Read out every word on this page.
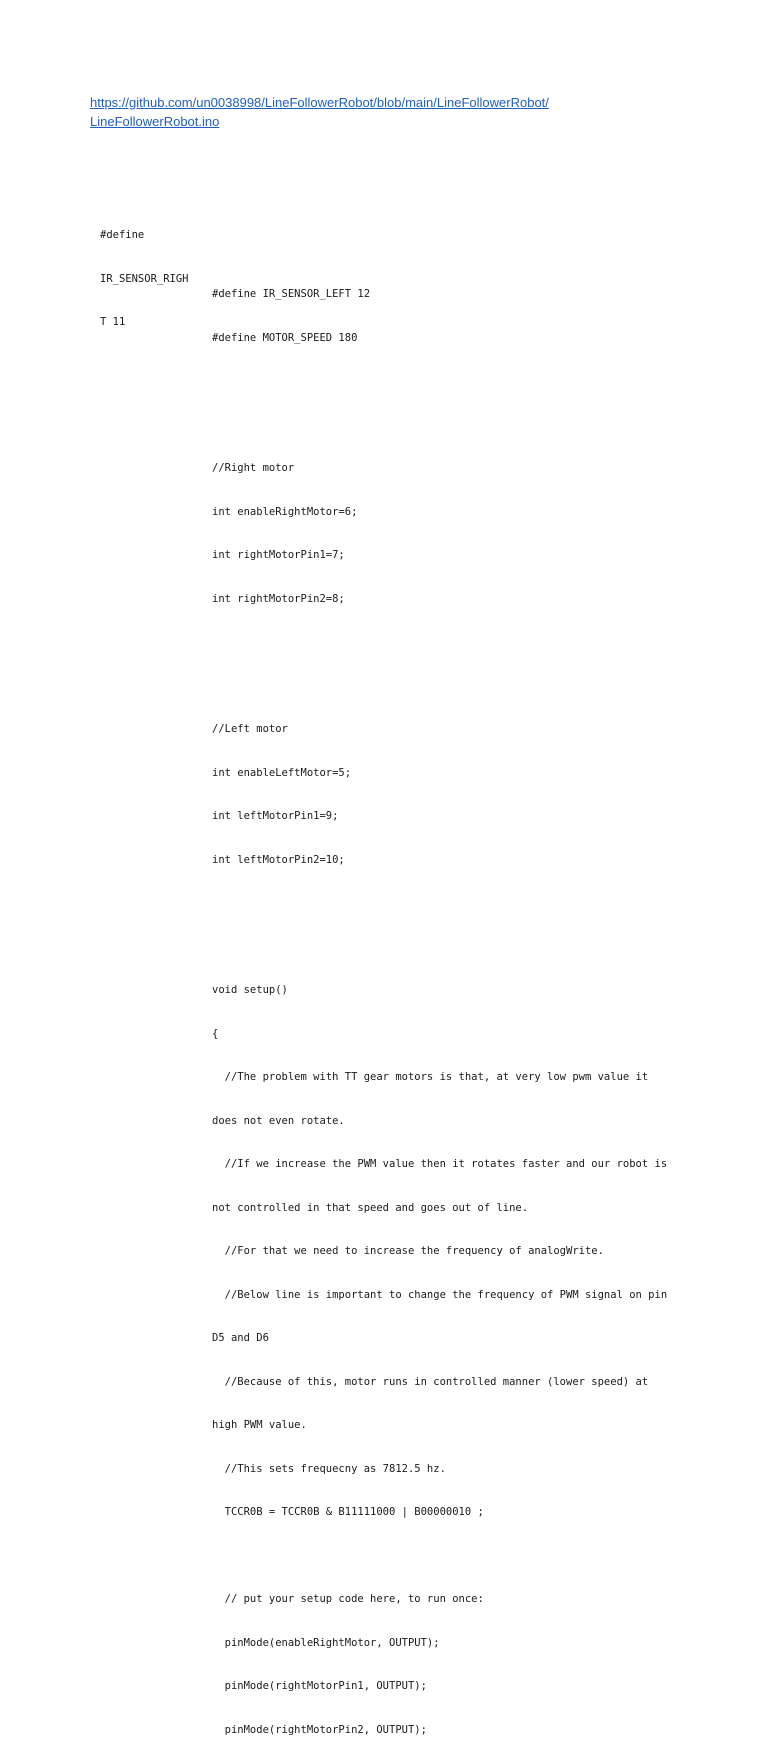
https://github.com/un0038998/LineFollowerRobot/blob/main/LineFollowerRobot/
LineFollowerRobot.ino

#define

IR_SENSOR_RIGH

T 11

#define IR_SENSOR_LEFT 12

#define MOTOR_SPEED 180

//Right motor

int enableRightMotor=6;

int rightMotorPin1=7;

int rightMotorPin2=8;

//Left motor

int enableLeftMotor=5;

int leftMotorPin1=9;

int leftMotorPin2=10;

void setup()

{

//The problem with TT gear motors is that, at very low pwm value it

does not even rotate.

//If we increase the PWM value then it rotates faster and our robot is

not controlled in that speed and goes out of line.

//For that we need to increase the frequency of analogWrite.

//Below line is important to change the frequency of PWM signal on pin

D5 and D6

//Because of this, motor runs in controlled manner (lower speed) at

high PWM value.

//This sets frequecny as 7812.5 hz.

TCCR0B = TCCR0B & B11111000 | B00000010 ;

// put your setup code here, to run once:

pinMode(enableRightMotor, OUTPUT);

pinMode(rightMotorPin1, OUTPUT);

pinMode(rightMotorPin2, OUTPUT);
